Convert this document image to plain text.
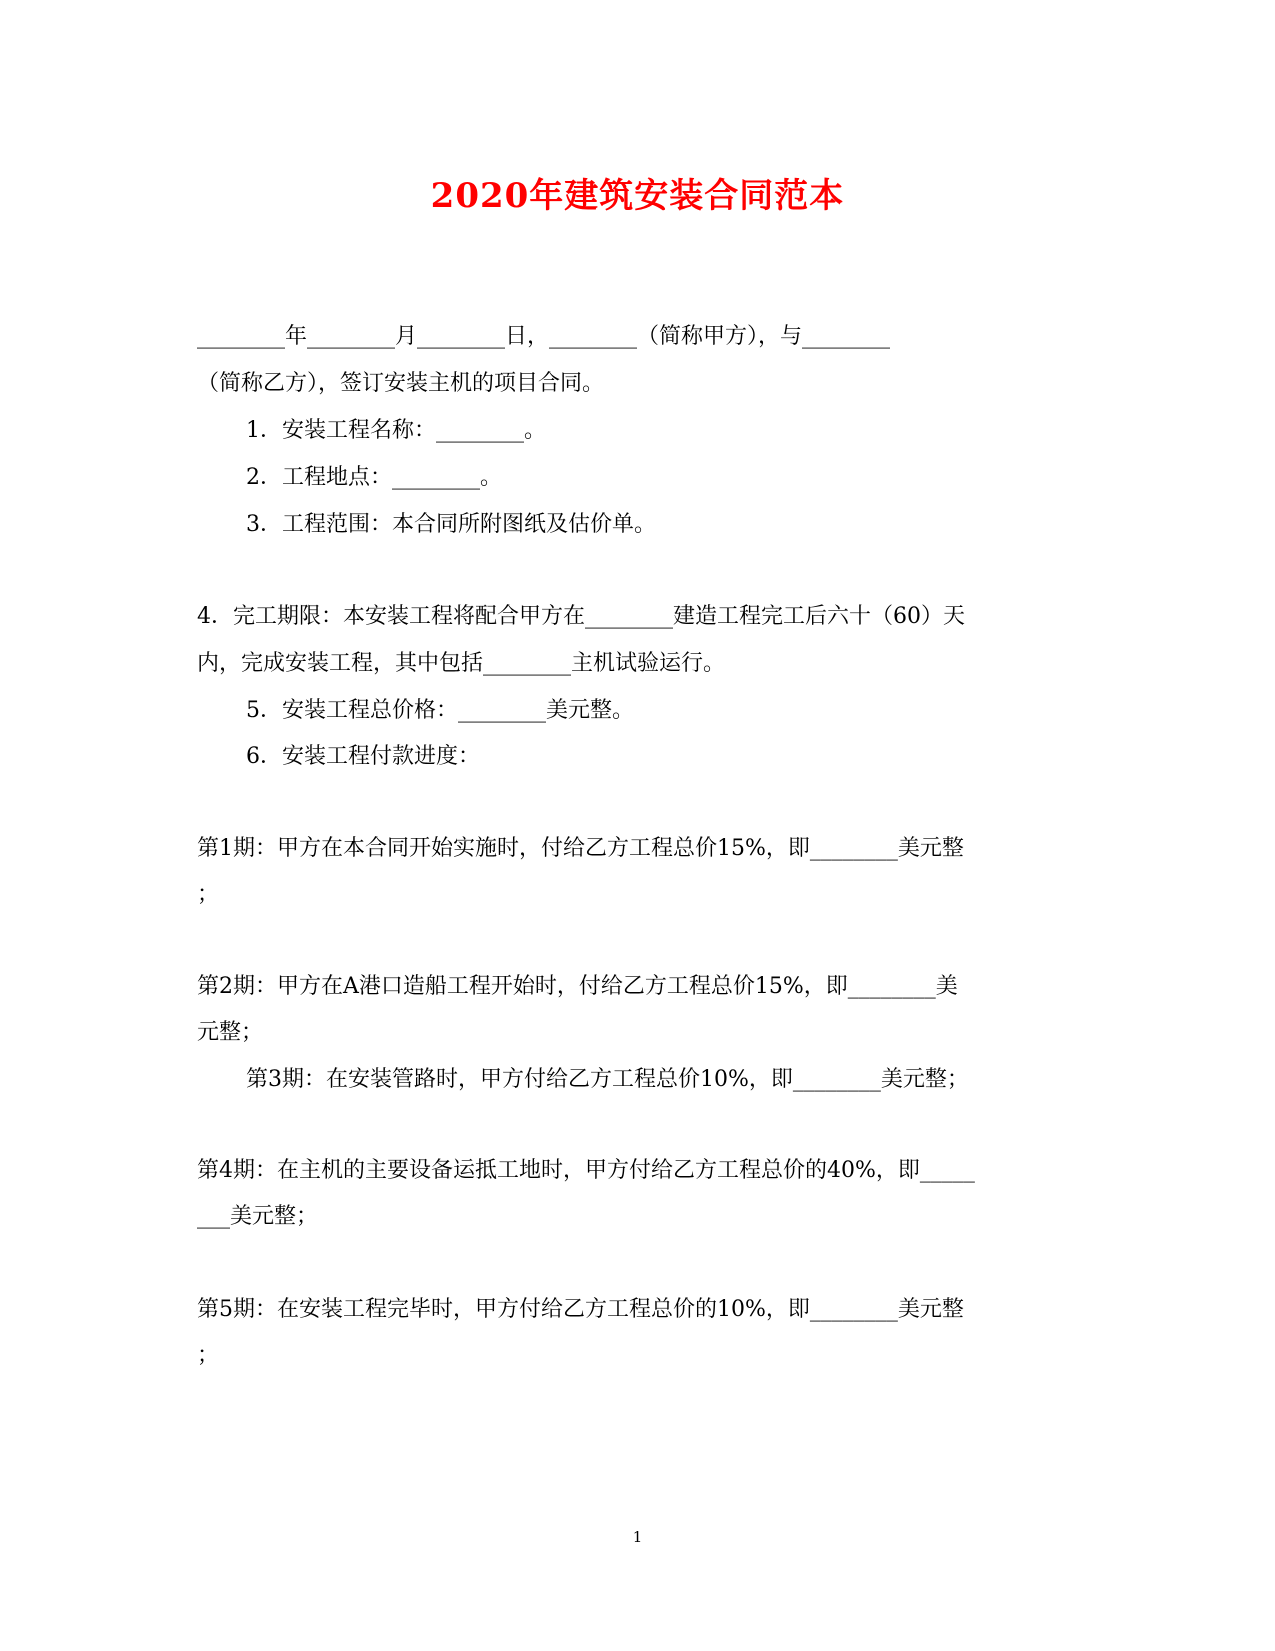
2020年建筑安装合同范本
________年________月________日，________（简称甲方），与________
（简称乙方），签订安装主机的项目合同。
1．安装工程名称：________。
2．工程地点：________。
3．工程范围：本合同所附图纸及估价单。
4．完工期限：本安装工程将配合甲方在________建造工程完工后六十（60）天
内，完成安装工程，其中包括________主机试验运行。
5．安装工程总价格：________美元整。
6．安装工程付款进度：
第1期：甲方在本合同开始实施时，付给乙方工程总价15%，即________美元整
；
第2期：甲方在A港口造船工程开始时，付给乙方工程总价15%，即________美
元整；
第3期：在安装管路时，甲方付给乙方工程总价10%，即________美元整；
第4期：在主机的主要设备运抵工地时，甲方付给乙方工程总价的40%，即_____
___美元整；
第5期：在安装工程完毕时，甲方付给乙方工程总价的10%，即________美元整
；
1
